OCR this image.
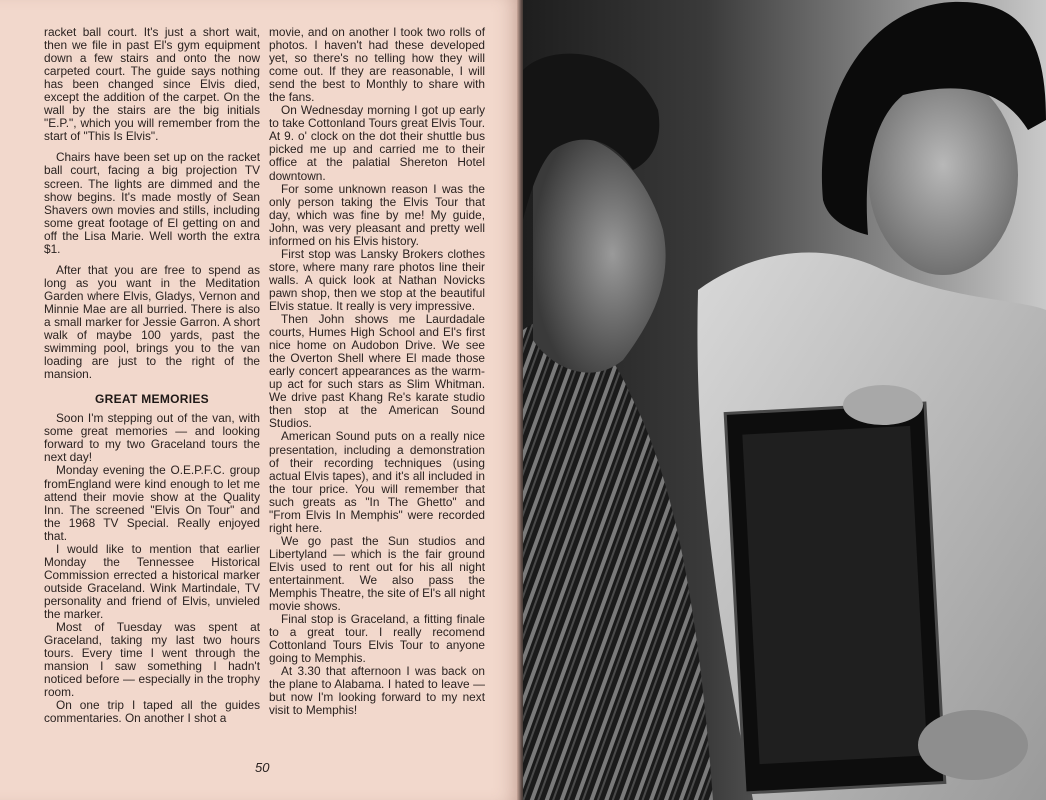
racket ball court. It's just a short wait, then we file in past El's gym equipment down a few stairs and onto the now carpeted court. The guide says nothing has been changed since Elvis died, except the addition of the carpet. On the wall by the stairs are the big initials "E.P.", which you will remember from the start of "This Is Elvis".

Chairs have been set up on the racket ball court, facing a big projection TV screen. The lights are dimmed and the show begins. It's made mostly of Sean Shavers own movies and stills, including some great footage of El getting on and off the Lisa Marie. Well worth the extra $1.

After that you are free to spend as long as you want in the Meditation Garden where Elvis, Gladys, Vernon and Minnie Mae are all burried. There is also a small marker for Jessie Garron. A short walk of maybe 100 yards, past the swimming pool, brings you to the van loading are just to the right of the mansion.

GREAT MEMORIES

Soon I'm stepping out of the van, with some great memories — and looking forward to my two Graceland tours the next day!

Monday evening the O.E.P.F.C. group fromEngland were kind enough to let me attend their movie show at the Quality Inn. The screened "Elvis On Tour" and the 1968 TV Special. Really enjoyed that.

I would like to mention that earlier Monday the Tennessee Historical Commission errected a historical marker outside Graceland. Wink Martindale, TV personality and friend of Elvis, unvieled the marker.

Most of Tuesday was spent at Graceland, taking my last two hours tours. Every time I went through the mansion I saw something I hadn't noticed before — especially in the trophy room.

On one trip I taped all the guides commentaries. On another I shot a

movie, and on another I took two rolls of photos. I haven't had these developed yet, so there's no telling how they will come out. If they are reasonable, I will send the best to Monthly to share with the fans.

On Wednesday morning I got up early to take Cottonland Tours great Elvis Tour. At 9. o' clock on the dot their shuttle bus picked me up and carried me to their office at the palatial Shereton Hotel downtown.

For some unknown reason I was the only person taking the Elvis Tour that day, which was fine by me! My guide, John, was very pleasant and pretty well informed on his Elvis history.

First stop was Lansky Brokers clothes store, where many rare photos line their walls. A quick look at Nathan Novicks pawn shop, then we stop at the beautiful Elvis statue. It really is very impressive.

Then John shows me Laurdadale courts, Humes High School and El's first nice home on Audobon Drive. We see the Overton Shell where El made those early concert appearances as the warm-up act for such stars as Slim Whitman. We drive past Khang Re's karate studio then stop at the American Sound Studios.

American Sound puts on a really nice presentation, including a demonstration of their recording techniques (using actual Elvis tapes), and it's all included in the tour price. You will remember that such greats as "In The Ghetto" and "From Elvis In Memphis" were recorded right here.

We go past the Sun studios and Libertyland — which is the fair ground Elvis used to rent out for his all night entertainment. We also pass the Memphis Theatre, the site of El's all night movie shows.

Final stop is Graceland, a fitting finale to a great tour. I really recomend Cottonland Tours Elvis Tour to anyone going to Memphis.

At 3.30 that afternoon I was back on the plane to Alabama. I hated to leave — but now I'm looking forward to my next visit to Memphis!

50
